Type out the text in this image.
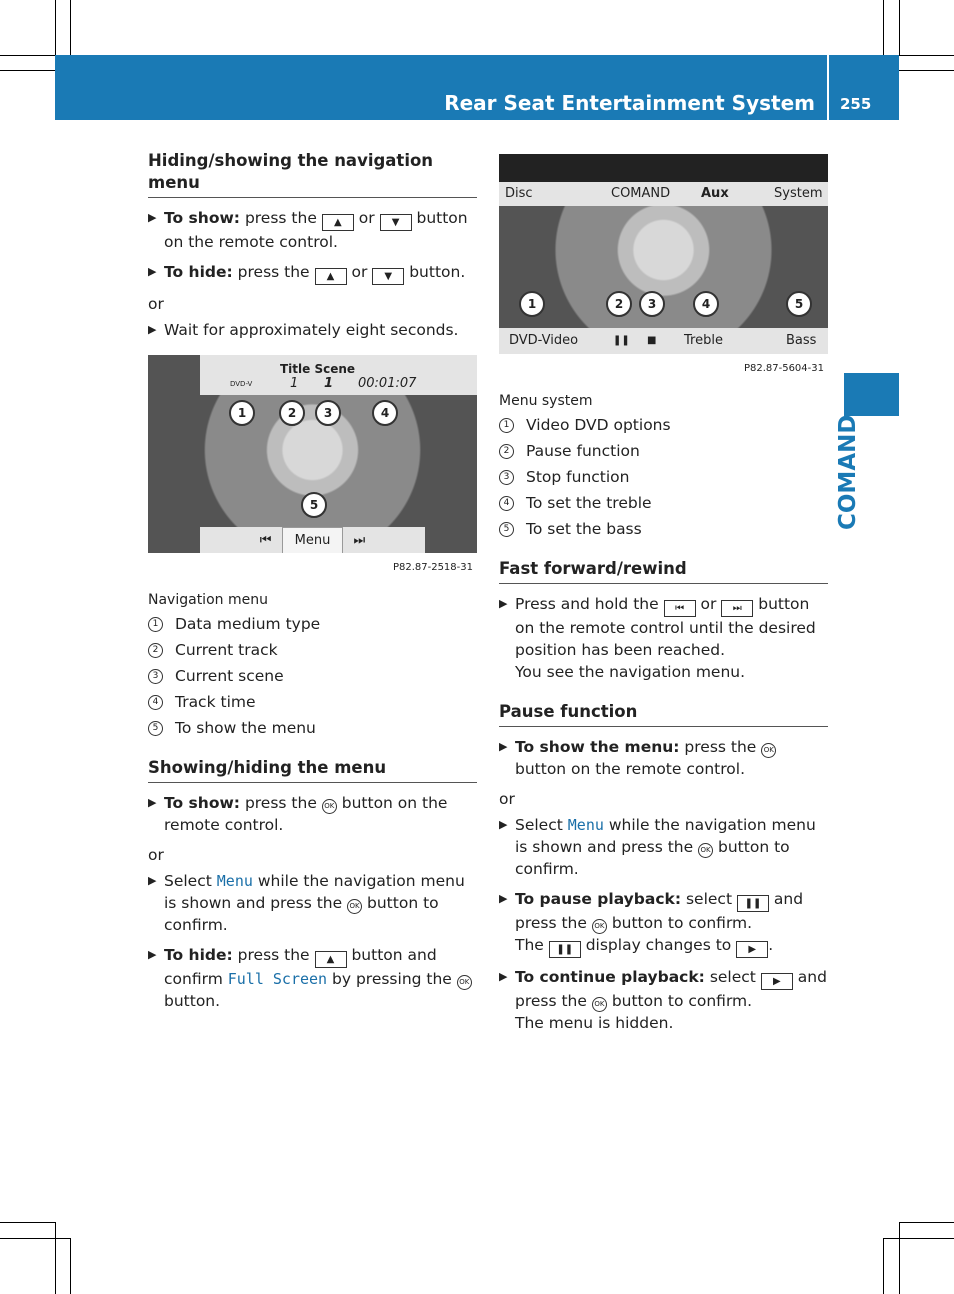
Rear Seat Entertainment System 255
COMAND
Hiding/showing the navigation menu
▶ To show: press the ▲ or ▼ button on the remote control.
▶ To hide: press the ▲ or ▼ button.
or
▶ Wait for approximately eight seconds.
Title Scene
DVD-V	1 1 00:01:07
1	2	3	4
5
⏮ Menu ⏭
P82.87-2518-31
Navigation menu
1 Data medium type
2 Current track
3 Current scene
4 Track time
5 To show the menu
Showing/hiding the menu
▶ To show: press the OK button on the remote control.
or
▶ Select Menu while the navigation menu is shown and press the OK button to confirm.
▶ To hide: press the ▲ button and confirm Full Screen by pressing the OK button.
Disc	COMAND Aux	System
1	2	3	4	5
DVD-Video	❚❚ ■ Treble	Bass
P82.87-5604-31
Menu system
1 Video DVD options
2 Pause function
3 Stop function
4 To set the treble
5 To set the bass
Fast forward/rewind
▶ Press and hold the ⏮ or ⏭ button on the remote control until the desired position has been reached.
You see the navigation menu.
Pause function
▶ To show the menu: press the OK button on the remote control.
or
▶ Select Menu while the navigation menu is shown and press the OK button to confirm.
▶ To pause playback: select ❚❚ and press the OK button to confirm.
The ❚❚ display changes to ▶ .
▶ To continue playback: select ▶ and press the OK button to confirm.
The menu is hidden.
